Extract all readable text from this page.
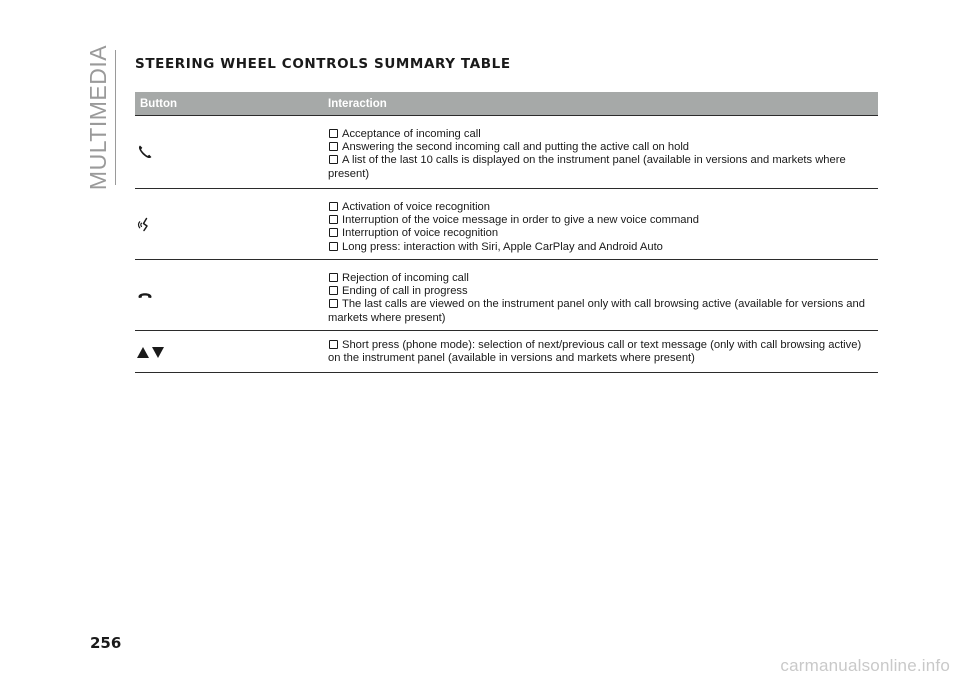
MULTIMEDIA STEERING WHEEL CONTROLS SUMMARY TABLE
Button	Interaction
Acceptance of incoming call
Answering the second incoming call and putting the active call on hold
A list of the last 10 calls is displayed on the instrument panel (available in versions and markets where present)
Activation of voice recognition
Interruption of the voice message in order to give a new voice command
Interruption of voice recognition
Long press: interaction with Siri, Apple CarPlay and Android Auto
Rejection of incoming call
Ending of call in progress
The last calls are viewed on the instrument panel only with call browsing active (available for versions and markets where present)
Short press (phone mode): selection of next/previous call or text message (only with call browsing active) on the instrument panel (available in versions and markets where present)
256
carmanualsonline.info
